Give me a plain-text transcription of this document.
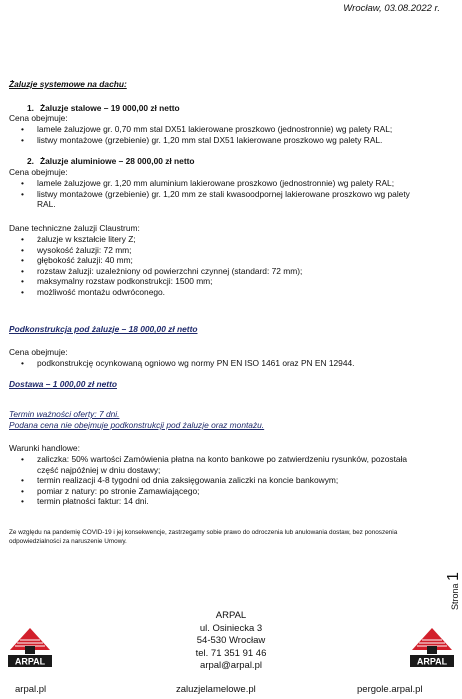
Wrocław, 03.08.2022 r.
Żaluzje systemowe na dachu:
1. Żaluzje stalowe – 19 000,00 zł netto
Cena obejmuje:
• lamele żaluzjowe gr. 0,70 mm stal DX51 lakierowane proszkowo (jednostronnie) wg palety RAL;
• listwy montażowe (grzebienie) gr. 1,20 mm stal DX51 lakierowane proszkowo wg palety RAL.
2. Żaluzje aluminiowe – 28 000,00 zł netto
Cena obejmuje:
• lamele żaluzjowe gr. 1,20 mm aluminium lakierowane proszkowo (jednostronnie) wg palety RAL;
• listwy montażowe (grzebienie) gr. 1,20 mm ze stali kwasoodpornej lakierowane proszkowo wg palety
RAL.
Dane techniczne żaluzji Claustrum:
• żaluzje w kształcie litery Z;
• wysokość żaluzji: 72 mm;
• głębokość żaluzji: 40 mm;
• rozstaw żaluzji: uzależniony od powierzchni czynnej (standard: 72 mm);
• maksymalny rozstaw podkonstrukcji: 1500 mm;
• możliwość montażu odwróconego.
Podkonstrukcja pod żaluzje – 18 000,00 zł netto
Cena obejmuje:
• podkonstrukcję ocynkowaną ogniowo wg normy PN EN ISO 1461 oraz PN EN 12944.
Dostawa – 1 000,00 zł netto
Termin ważności oferty: 7 dni.
Podana cena nie obejmuje podkonstrukcji pod żaluzje oraz montażu.
Warunki handlowe:
• zaliczka: 50% wartości Zamówienia płatna na konto bankowe po zatwierdzeniu rysunków, pozostała
część najpóźniej w dniu dostawy;
• termin realizacji 4-8 tygodni od dnia zaksięgowania zaliczki na koncie bankowym;
• pomiar z natury: po stronie Zamawiającego;
• termin płatności faktur: 14 dni.
Ze względu na pandemię COVID-19 i jej konsekwencje, zastrzegamy sobie prawo do odroczenia lub anulowania dostaw, bez ponoszenia odpowiedzialności za naruszenie Umowy.
Strona 1
ARPAL	ARPAL
ARPAL
ul. Osiniecka 3
54-530 Wrocław
tel. 71 351 91 46
arpal@arpal.pl
arpal.pl	zaluzjelamelowe.pl	pergole.arpal.pl
